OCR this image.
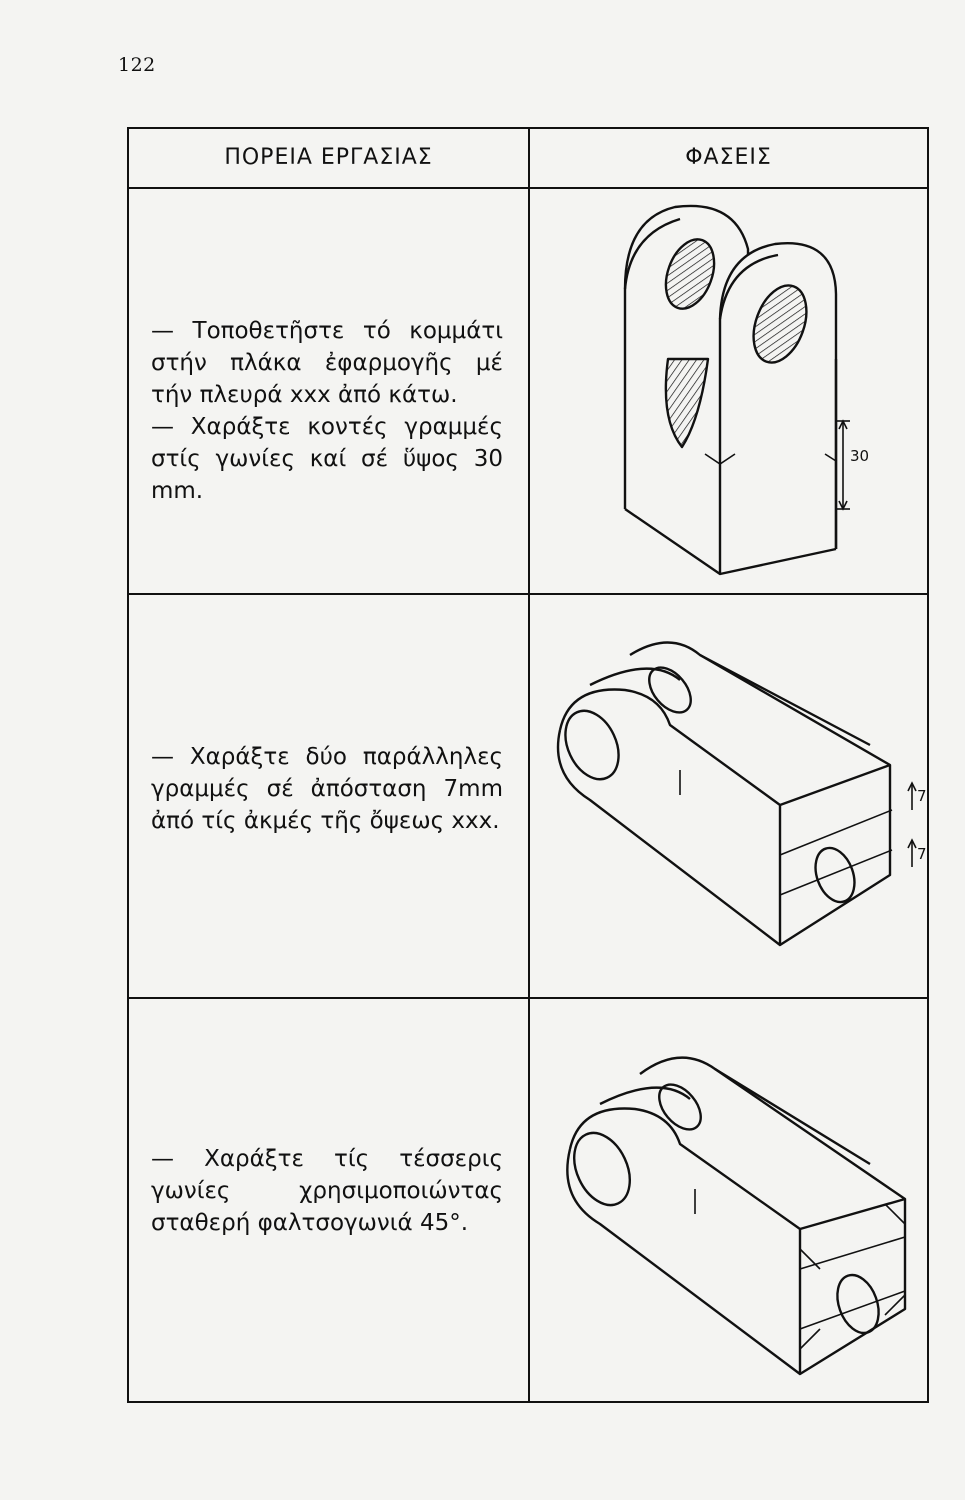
122
ΠΟΡΕΙΑ ΕΡΓΑΣΙΑΣ	ΦΑΣΕΙΣ
— Τοποθετῆστε τό κομμάτι στήν πλάκα ἐφαρμογῆς μέ τήν πλευρά xxx ἀπό κάτω.
— Χαράξτε κοντές γραμμές στίς γωνίες καί σέ ὕψος 30 mm.
— Χαράξτε δύο παράλληλες γραμμές σέ ἀπόσταση 7mm ἀπό τίς ἀκμές τῆς ὄψεως xxx.
— Χαράξτε τίς τέσσερις γωνίες χρησιμοποιώντας σταθερή φαλτσογωνιά 45°.
30
7
7
